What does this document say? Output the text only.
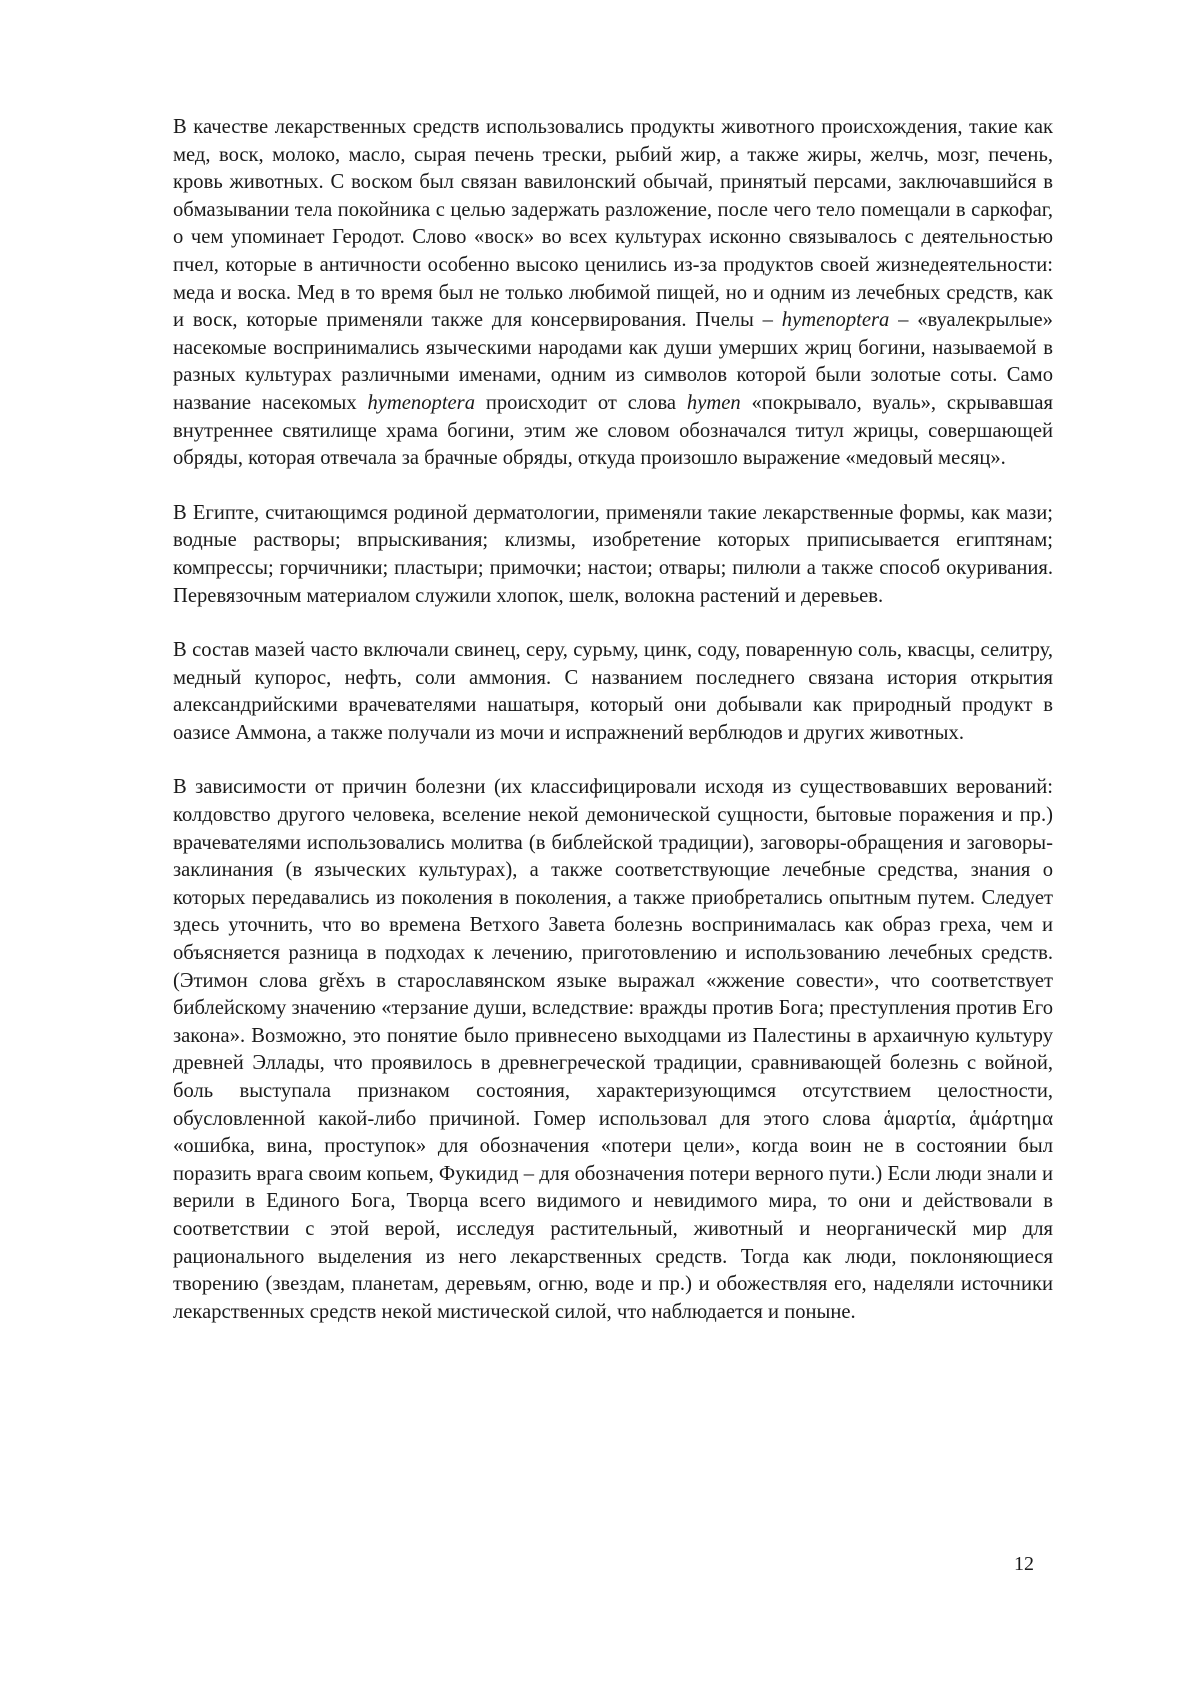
В качестве лекарственных средств использовались продукты животного происхождения, такие как мед, воск, молоко, масло, сырая печень трески, рыбий жир, а также жиры, желчь, мозг, печень, кровь животных. С воском был связан вавилонский обычай, принятый персами, заключавшийся в обмазывании тела покойника с целью задержать разложение, после чего тело помещали в саркофаг, о чем упоминает Геродот. Слово «воск» во всех культурах исконно связывалось с деятельностью пчел, которые в античности особенно высоко ценились из-за продуктов своей жизнедеятельности: меда и воска. Мед в то время был не только любимой пищей, но и одним из лечебных средств, как и воск, которые применяли также для консервирования. Пчелы – hymenoptera – «вуалекрылые» насекомые воспринимались языческими народами как души умерших жриц богини, называемой в разных культурах различными именами, одним из символов которой были золотые соты. Само название насекомых hymenoptera происходит от слова hymen «покрывало, вуаль», скрывавшая внутреннее святилище храма богини, этим же словом обозначался титул жрицы, совершающей обряды, которая отвечала за брачные обряды, откуда произошло выражение «медовый месяц».

В Египте, считающимся родиной дерматологии, применяли такие лекарственные формы, как мази; водные растворы; впрыскивания; клизмы, изобретение которых приписывается египтянам; компрессы; горчичники; пластыри; примочки; настои; отвары; пилюли а также способ окуривания. Перевязочным материалом служили хлопок, шелк, волокна растений и деревьев.

В состав мазей часто включали свинец, серу, сурьму, цинк, соду, поваренную соль, квасцы, селитру, медный купорос, нефть, соли аммония. С названием последнего связана история открытия александрийскими врачевателями нашатыря, который они добывали как природный продукт в оазисе Аммона, а также получали из мочи и испражнений верблюдов и других животных.

В зависимости от причин болезни (их классифицировали исходя из существовавших верований: колдовство другого человека, вселение некой демонической сущности, бытовые поражения и пр.) врачевателями использовались молитва (в библейской традиции), заговоры-обращения и заговоры-заклинания (в языческих культурах), а также соответствующие лечебные средства, знания о которых передавались из поколения в поколения, а также приобретались опытным путем. Следует здесь уточнить, что во времена Ветхого Завета болезнь воспринималась как образ греха, чем и объясняется разница в подходах к лечению, приготовлению и использованию лечебных средств. (Этимон слова grěхъ в старославянском языке выражал «жжение совести», что соответствует библейскому значению «терзание души, вследствие: вражды против Бога; преступления против Его закона». Возможно, это понятие было привнесено выходцами из Палестины в архаичную культуру древней Эллады, что проявилось в древнегреческой традиции, сравнивающей болезнь с войной, боль выступала признаком состояния, характеризующимся отсутствием целостности, обусловленной какой-либо причиной. Гомер использовал для этого слова ἁμαρτία, ἁμάρτημα «ошибка, вина, проступок» для обозначения «потери цели», когда воин не в состоянии был поразить врага своим копьем, Фукидид – для обозначения потери верного пути.) Если люди знали и верили в Единого Бога, Творца всего видимого и невидимого мира, то они и действовали в соответствии с этой верой, исследуя растительный, животный и неорганическй мир для рационального выделения из него лекарственных средств. Тогда как люди, поклоняющиеся творению (звездам, планетам, деревьям, огню, воде и пр.) и обожествляя его, наделяли источники лекарственных средств некой мистической силой, что наблюдается и поныне.

12
